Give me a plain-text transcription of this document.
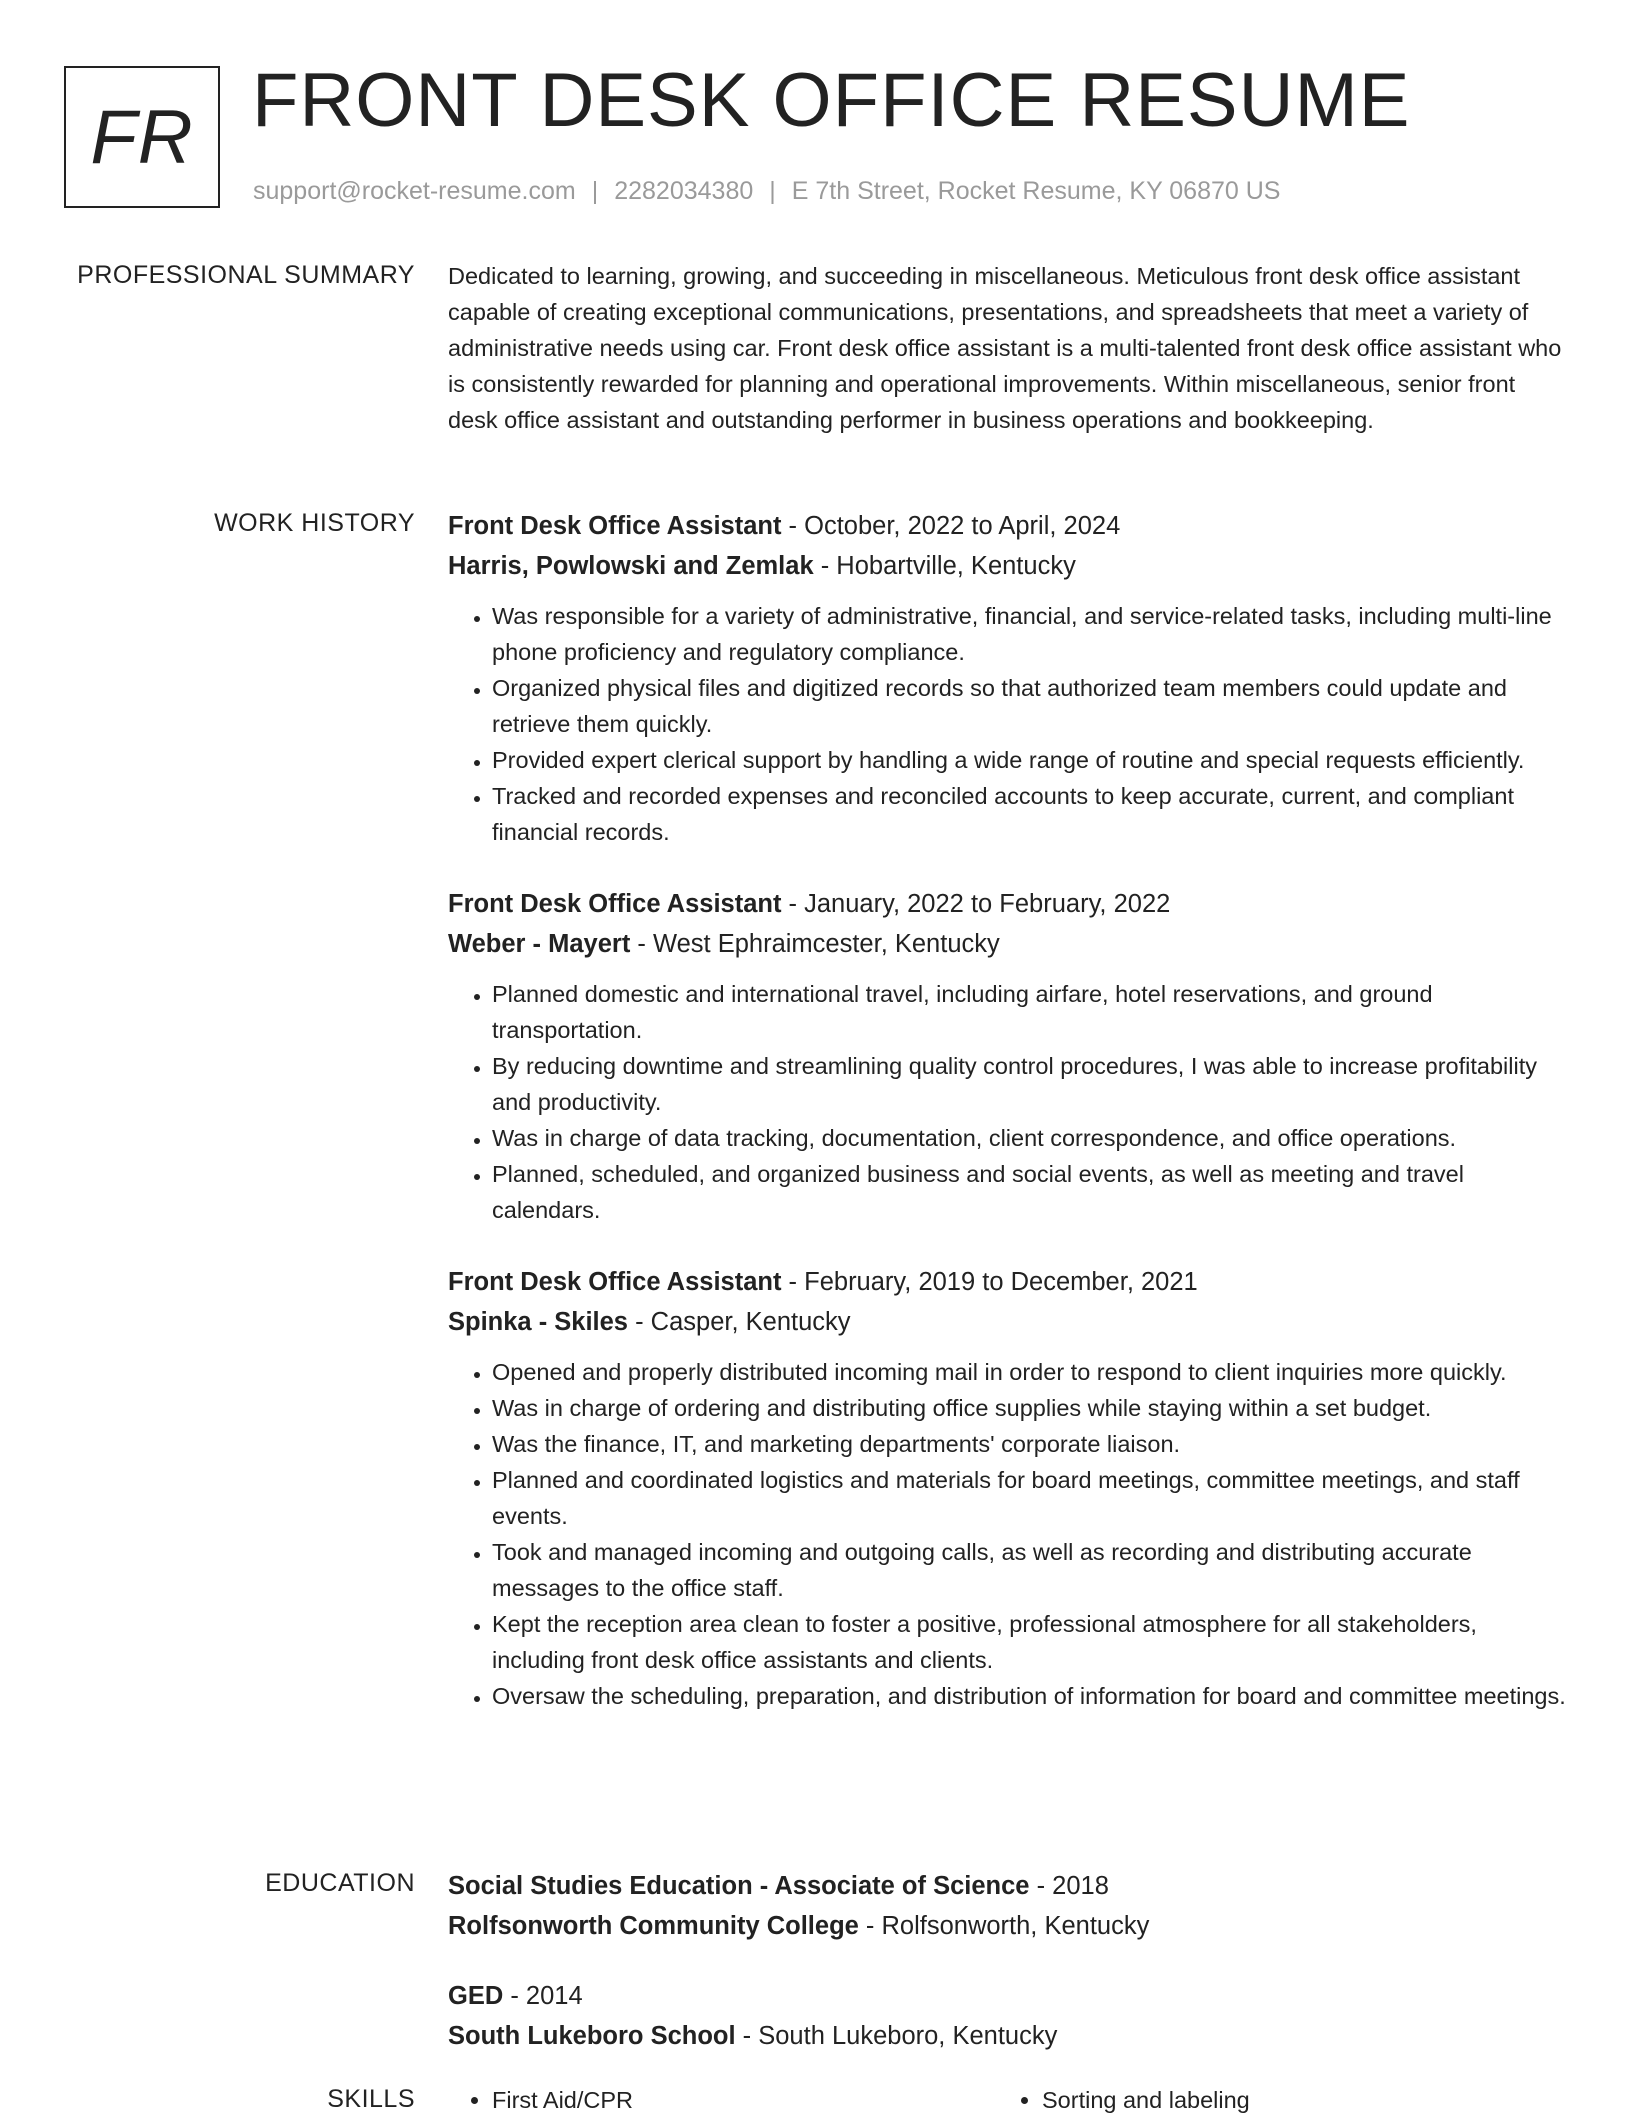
FR FRONT DESK OFFICE RESUME
support@rocket-resume.com | 2282034380 | E 7th Street, Rocket Resume, KY 06870 US
PROFESSIONAL SUMMARY Dedicated to learning, growing, and succeeding in miscellaneous. Meticulous front desk office assistant capable of creating exceptional communications, presentations, and spreadsheets that meet a variety of administrative needs using car. Front desk office assistant is a multi-talented front desk office assistant who is consistently rewarded for planning and operational improvements. Within miscellaneous, senior front desk office assistant and outstanding performer in business operations and bookkeeping.

WORK HISTORY Front Desk Office Assistant - October, 2022 to April, 2024
Harris, Powlowski and Zemlak - Hobartville, Kentucky
• Was responsible for a variety of administrative, financial, and service-related tasks, including multi-line phone proficiency and regulatory compliance.
• Organized physical files and digitized records so that authorized team members could update and retrieve them quickly.
• Provided expert clerical support by handling a wide range of routine and special requests efficiently.
• Tracked and recorded expenses and reconciled accounts to keep accurate, current, and compliant financial records.
Front Desk Office Assistant - January, 2022 to February, 2022
Weber - Mayert - West Ephraimcester, Kentucky
• Planned domestic and international travel, including airfare, hotel reservations, and ground transportation.
• By reducing downtime and streamlining quality control procedures, I was able to increase profitability and productivity.
• Was in charge of data tracking, documentation, client correspondence, and office operations.
• Planned, scheduled, and organized business and social events, as well as meeting and travel calendars.
Front Desk Office Assistant - February, 2019 to December, 2021
Spinka - Skiles - Casper, Kentucky
• Opened and properly distributed incoming mail in order to respond to client inquiries more quickly.
• Was in charge of ordering and distributing office supplies while staying within a set budget.
• Was the finance, IT, and marketing departments' corporate liaison.
• Planned and coordinated logistics and materials for board meetings, committee meetings, and staff events.
• Took and managed incoming and outgoing calls, as well as recording and distributing accurate messages to the office staff.
• Kept the reception area clean to foster a positive, professional atmosphere for all stakeholders, including front desk office assistants and clients.
• Oversaw the scheduling, preparation, and distribution of information for board and committee meetings.
EDUCATION Social Studies Education - Associate of Science - 2018
Rolfsonworth Community College - Rolfsonworth, Kentucky
GED - 2014
South Lukeboro School - South Lukeboro, Kentucky
SKILLS	• First Aid/CPR	• Sorting and labeling
